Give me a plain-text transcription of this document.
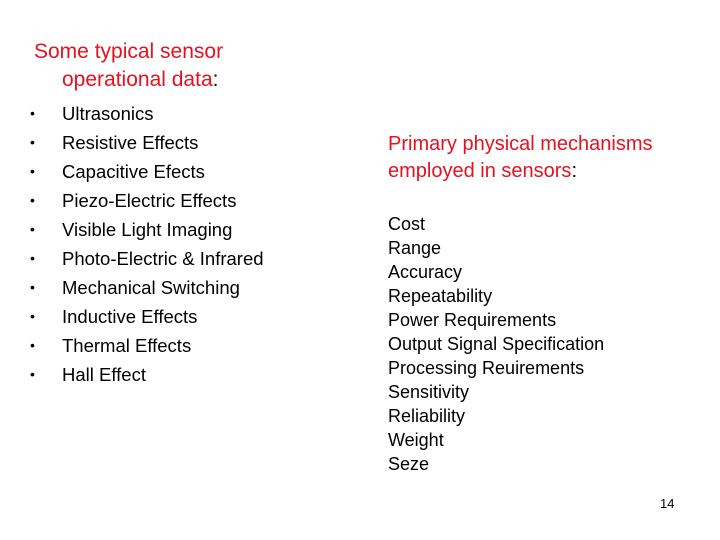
Some typical sensor operational data:
• Ultrasonics
• Resistive Effects
• Capacitive Efects
• Piezo-Electric Effects
• Visible Light Imaging
• Photo-Electric & Infrared
• Mechanical Switching
• Inductive Effects
• Thermal Effects
• Hall Effect
Primary physical mechanisms
employed in sensors:
Cost
Range
Accuracy
Repeatability
Power Requirements
Output Signal Specification
Processing Reuirements
Sensitivity
Reliability
Weight
Seze
14
